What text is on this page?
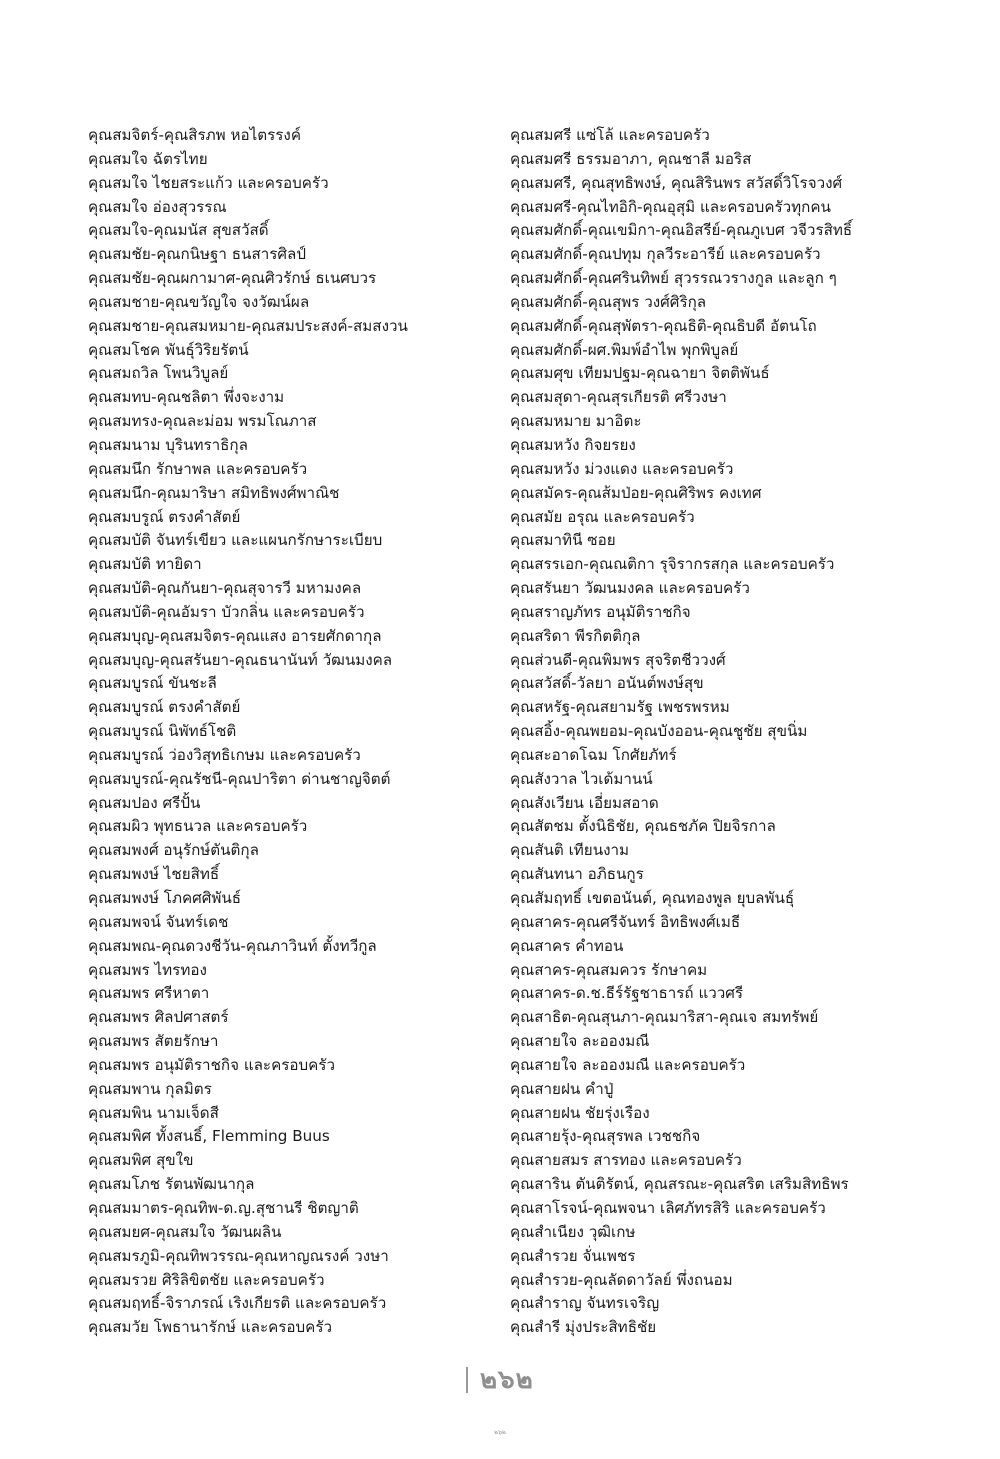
คุณสมจิตร์-คุณสิรภพ หอไตรรงค์
คุณสมใจ ฉัตรไทย
คุณสมใจ ไชยสระแก้ว และครอบครัว
คุณสมใจ อ่องสุวรรณ
คุณสมใจ-คุณมนัส สุขสวัสดิ์
คุณสมชัย-คุณกนิษฐา ธนสารศิลป์
คุณสมชัย-คุณผกามาศ-คุณศิวรักษ์ ธเนศบวร
คุณสมชาย-คุณขวัญใจ จงวัฒน์ผล
คุณสมชาย-คุณสมหมาย-คุณสมประสงค์-สมสงวน
คุณสมโชค พันธุ์วิริยรัตน์
คุณสมถวิล โพนวิบูลย์
คุณสมทบ-คุณชลิตา พึ่งจะงาม
คุณสมทรง-คุณละม่อม พรมโณภาส
คุณสมนาม บุรินทราธิกุล
คุณสมนึก รักษาพล และครอบครัว
คุณสมนึก-คุณมาริษา สมิทธิพงศ์พาณิช
คุณสมบรูณ์ ตรงคำสัตย์
คุณสมบัติ จันทร์เขียว และแผนกรักษาระเบียบ
คุณสมบัติ ทายิดา
คุณสมบัติ-คุณกันยา-คุณสุจารวี มหามงคล
คุณสมบัติ-คุณอัมรา บัวกลิ่น และครอบครัว
คุณสมบุญ-คุณสมจิตร-คุณแสง อารยศักดากุล
คุณสมบุญ-คุณสรันยา-คุณธนานันท์ วัฒนมงคล
คุณสมบูรณ์ ขันชะลี
คุณสมบูรณ์ ตรงคำสัตย์
คุณสมบูรณ์ นิพัทธ์โชติ
คุณสมบูรณ์ ว่องวิสุทธิเกษม และครอบครัว
คุณสมบูรณ์-คุณรัชนี-คุณปาริตา ด่านชาญจิตต์
คุณสมปอง ศรีปั้น
คุณสมผิว พุทธนวล และครอบครัว
คุณสมพงศ์ อนุรักษ์ตันติกุล
คุณสมพงษ์ ไชยสิทธิ์
คุณสมพงษ์ โภคศศิพันธ์
คุณสมพจน์ จันทร์เดช
คุณสมพณ-คุณดวงชีวัน-คุณภาวินท์ ตั้งทวีกูล
คุณสมพร ไทรทอง
คุณสมพร ศรีหาตา
คุณสมพร ศิลปศาสตร์
คุณสมพร สัตยรักษา
คุณสมพร อนุมัติราชกิจ และครอบครัว
คุณสมพาน กุลมิตร
คุณสมพิน นามเจ็ดสี
คุณสมพิศ ทั้งสนธิ์, Flemming Buus
คุณสมพิศ สุขใข
คุณสมโภช รัตนพัฒนากุล
คุณสมมาตร-คุณทิพ-ด.ญ.สุชานรี ชิตญาติ
คุณสมยศ-คุณสมใจ วัฒนผลิน
คุณสมรภูมิ-คุณทิพวรรณ-คุณหาญณรงค์ วงษา
คุณสมรวย ศิริลิขิตชัย และครอบครัว
คุณสมฤทธิ์-จิราภรณ์ เริงเกียรติ และครอบครัว
คุณสมวัย โพธานารักษ์ และครอบครัว
คุณสมศรี แซ่โล้ และครอบครัว
คุณสมศรี ธรรมอาภา, คุณชาลี มอริส
คุณสมศรี, คุณสุทธิพงษ์, คุณสิรินพร สวัสดิ์วิโรจวงศ์
คุณสมศรี-คุณไทอิกิ-คุณอุสุมิ และครอบครัวทุกคน
คุณสมศักดิ์-คุณเขมิกา-คุณอิสรีย์-คุณภูเบศ วจีวรสิทธิ์
คุณสมศักดิ์-คุณปทุม กุลวีระอารีย์ และครอบครัว
คุณสมศักดิ์-คุณศรินทิพย์ สุวรรณวรางกูล และลูก ๆ
คุณสมศักดิ์-คุณสุพร วงศ์ศิริกุล
คุณสมศักดิ์-คุณสุพัตรา-คุณธิติ-คุณธิบดี อัตนโถ
คุณสมศักดิ์-ผศ.พิมพ์อำไพ พุกพิบูลย์
คุณสมศุข เทียมปฐม-คุณฉายา จิตติพันธ์
คุณสมสุดา-คุณสุรเกียรติ ศรีวงษา
คุณสมหมาย มาอิตะ
คุณสมหวัง กิจยรยง
คุณสมหวัง ม่วงแดง และครอบครัว
คุณสมัคร-คุณส้มป่อย-คุณศิริพร คงเทศ
คุณสมัย อรุณ และครอบครัว
คุณสมาทินี ซอย
คุณสรรเอก-คุณณติกา รุจิรากรสกุล และครอบครัว
คุณสรันยา วัฒนมงคล และครอบครัว
คุณสราญภัทร อนุมัติราชกิจ
คุณสริดา พีรกิตติกุล
คุณส่วนดี-คุณพิมพร สุจริตชีววงศ์
คุณสวัสดิ์-วัลยา อนันต์พงษ์สุข
คุณสหรัฐ-คุณสยามรัฐ เพชรพรหม
คุณสอิ้ง-คุณพยอม-คุณบังออน-คุณชูชัย สุขนิ่ม
คุณสะอาดโฉม โกศัยภัทร์
คุณสังวาล ไวเด้มานน์
คุณสังเวียน เอี่ยมสอาด
คุณสัตชม ตั้งนิธิชัย, คุณธชภัค ปิยจิรกาล
คุณสันติ เทียนงาม
คุณสันทนา อภิธนกูร
คุณสัมฤทธิ์ เขตอนันต์, คุณทองพูล ยุบลพันธุ์
คุณสาคร-คุณศรีจันทร์ อิทธิพงศ์เมธี
คุณสาคร คำทอน
คุณสาคร-คุณสมควร รักษาคม
คุณสาคร-ด.ช.ธีร์รัฐชาธารถ์ แววศรี
คุณสาธิต-คุณสุนภา-คุณมาริสา-คุณเจ สมทรัพย์
คุณสายใจ ละอองมณี
คุณสายใจ ละอองมณี และครอบครัว
คุณสายฝน คำปู่
คุณสายฝน ชัยรุ่งเรือง
คุณสายรุ้ง-คุณสุรพล เวชชกิจ
คุณสายสมร สารทอง และครอบครัว
คุณสาริน ตันติรัตน์, คุณสรณะ-คุณสริต เสริมสิทธิพร
คุณสาโรจน์-คุณพจนา เลิศภัทรสิริ และครอบครัว
คุณสำเนียง วุฒิเกษ
คุณสำรวย จั่นเพชร
คุณสำรวย-คุณลัดดาวัลย์ พึ่งถนอม
คุณสำราญ จันทรเจริญ
คุณสำรี มุ่งประสิทธิชัย
๒๖๒
๒๖๒
